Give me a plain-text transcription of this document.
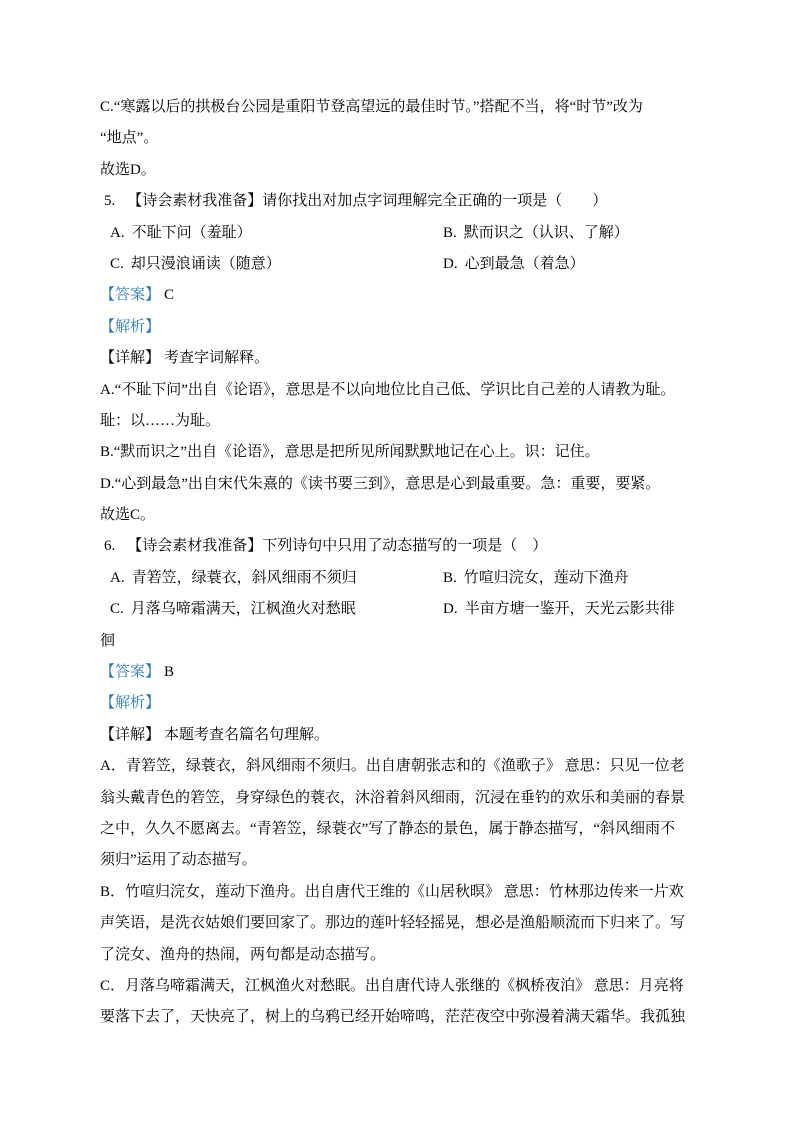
C.“寒露以后的拱极台公园是重阳节登高望远的最佳时节。”搭配不当，将“时节”改为
“地点”。
故选D。
5. 【诗会素材我准备】请你找出对加点字词理解完全正确的一项是（　　）
A. 不耻下问（羞耻）	B. 默而识之（认识、了解）
C. 却只漫浪诵读（随意）	D. 心到最急（着急）
【答案】 C
【解析】
【详解】 考查字词解释。
A.“不耻下问”出自《论语》，意思是不以向地位比自己低、学识比自己差的人请教为耻。
耻：以……为耻。
B.“默而识之”出自《论语》，意思是把所见所闻默默地记在心上。识：记住。
D.“心到最急”出自宋代朱熹的《读书要三到》，意思是心到最重要。急：重要，要紧。
故选C。
6. 【诗会素材我准备】下列诗句中只用了动态描写的一项是（　）
A. 青箬笠，绿蓑衣，斜风细雨不须归	B. 竹喧归浣女，莲动下渔舟
C. 月落乌啼霜满天，江枫渔火对愁眠	D. 半亩方塘一鉴开，天光云影共徘
徊
【答案】 B
【解析】
【详解】 本题考查名篇名句理解。
A．青箬笠，绿蓑衣，斜风细雨不须归。出自唐朝张志和的《渔歌子》 意思：只见一位老
翁头戴青色的箬笠，身穿绿色的蓑衣，沐浴着斜风细雨，沉浸在垂钓的欢乐和美丽的春景
之中，久久不愿离去。“青箬笠，绿蓑衣”写了静态的景色，属于静态描写，“斜风细雨不
须归”运用了动态描写。
B．竹喧归浣女，莲动下渔舟。出自唐代王维的《山居秋暝》 意思：竹林那边传来一片欢
声笑语，是洗衣姑娘们要回家了。那边的莲叶轻轻摇晃，想必是渔船顺流而下归来了。写
了浣女、渔舟的热闹，两句都是动态描写。
C．月落乌啼霜满天，江枫渔火对愁眠。出自唐代诗人张继的《枫桥夜泊》 意思：月亮将
要落下去了，天快亮了，树上的乌鸦已经开始啼鸣，茫茫夜空中弥漫着满天霜华。我孤独
